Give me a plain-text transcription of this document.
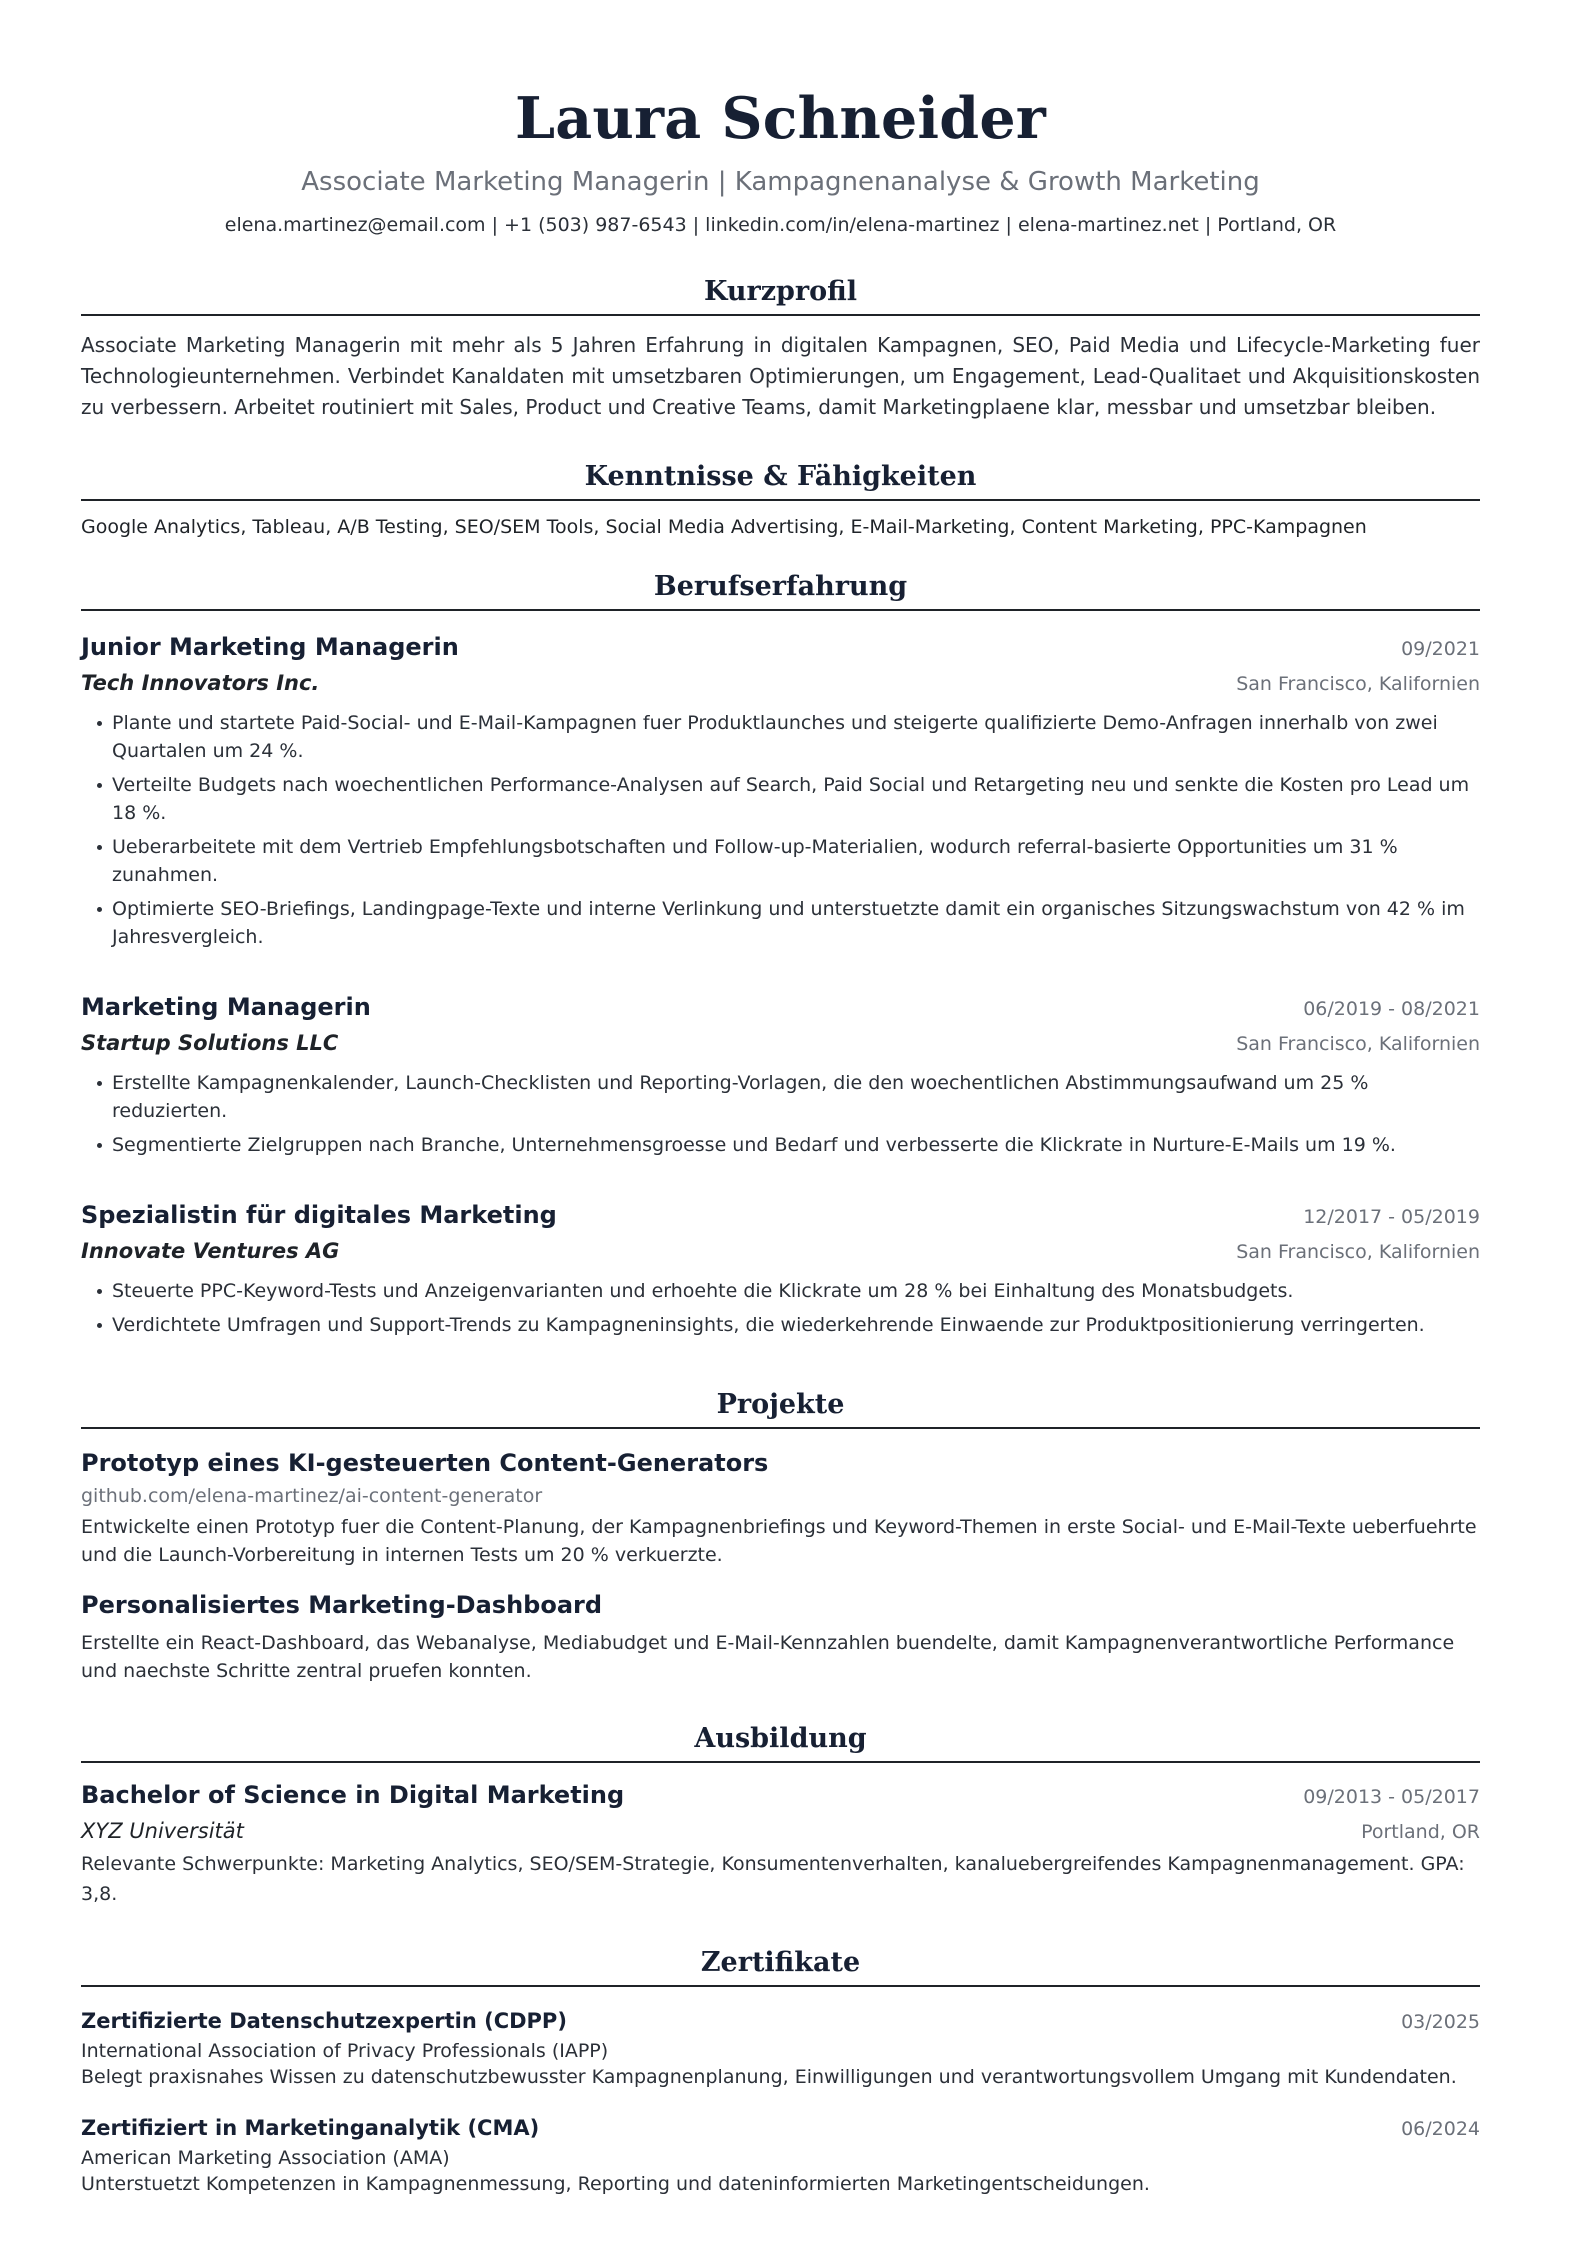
Laura Schneider
Associate Marketing Managerin | Kampagnenanalyse & Growth Marketing
elena.martinez@email.com | +1 (503) 987-6543 | linkedin.com/in/elena-martinez | elena-martinez.net | Portland, OR
Kurzprofil
Associate Marketing Managerin mit mehr als 5 Jahren Erfahrung in digitalen Kampagnen, SEO, Paid Media und Lifecycle-Marketing fuer Technologieunternehmen. Verbindet Kanaldaten mit umsetzbaren Optimierungen, um Engagement, Lead-Qualitaet und Akquisitionskosten zu verbessern. Arbeitet routiniert mit Sales, Product und Creative Teams, damit Marketingplaene klar, messbar und umsetzbar bleiben.
Kenntnisse & Fähigkeiten
Google Analytics, Tableau, A/B Testing, SEO/SEM Tools, Social Media Advertising, E-Mail-Marketing, Content Marketing, PPC-Kampagnen
Berufserfahrung
Junior Marketing Managerin	09/2021
Tech Innovators Inc.	San Francisco, Kalifornien
Plante und startete Paid-Social- und E-Mail-Kampagnen fuer Produktlaunches und steigerte qualifizierte Demo-Anfragen innerhalb von zwei Quartalen um 24 %.
Verteilte Budgets nach woechentlichen Performance-Analysen auf Search, Paid Social und Retargeting neu und senkte die Kosten pro Lead um 18 %.
Ueberarbeitete mit dem Vertrieb Empfehlungsbotschaften und Follow-up-Materialien, wodurch referral-basierte Opportunities um 31 % zunahmen.
Optimierte SEO-Briefings, Landingpage-Texte und interne Verlinkung und unterstuetzte damit ein organisches Sitzungswachstum von 42 % im Jahresvergleich.
Marketing Managerin	06/2019 - 08/2021
Startup Solutions LLC	San Francisco, Kalifornien
Erstellte Kampagnenkalender, Launch-Checklisten und Reporting-Vorlagen, die den woechentlichen Abstimmungsaufwand um 25 % reduzierten.
Segmentierte Zielgruppen nach Branche, Unternehmensgroesse und Bedarf und verbesserte die Klickrate in Nurture-E-Mails um 19 %.
Spezialistin für digitales Marketing	12/2017 - 05/2019
Innovate Ventures AG	San Francisco, Kalifornien
Steuerte PPC-Keyword-Tests und Anzeigenvarianten und erhoehte die Klickrate um 28 % bei Einhaltung des Monatsbudgets.
Verdichtete Umfragen und Support-Trends zu Kampagneninsights, die wiederkehrende Einwaende zur Produktpositionierung verringerten.
Projekte
Prototyp eines KI-gesteuerten Content-Generators
github.com/elena-martinez/ai-content-generator
Entwickelte einen Prototyp fuer die Content-Planung, der Kampagnenbriefings und Keyword-Themen in erste Social- und E-Mail-Texte ueberfuehrte und die Launch-Vorbereitung in internen Tests um 20 % verkuerzte.
Personalisiertes Marketing-Dashboard
Erstellte ein React-Dashboard, das Webanalyse, Mediabudget und E-Mail-Kennzahlen buendelte, damit Kampagnenverantwortliche Performance und naechste Schritte zentral pruefen konnten.
Ausbildung
Bachelor of Science in Digital Marketing	09/2013 - 05/2017
XYZ Universität	Portland, OR
Relevante Schwerpunkte: Marketing Analytics, SEO/SEM-Strategie, Konsumentenverhalten, kanaluebergreifendes Kampagnenmanagement. GPA: 3,8.
Zertifikate
Zertifizierte Datenschutzexpertin (CDPP)	03/2025
International Association of Privacy Professionals (IAPP)
Belegt praxisnahes Wissen zu datenschutzbewusster Kampagnenplanung, Einwilligungen und verantwortungsvollem Umgang mit Kundendaten.
Zertifiziert in Marketinganalytik (CMA)	06/2024
American Marketing Association (AMA)
Unterstuetzt Kompetenzen in Kampagnenmessung, Reporting und dateninformierten Marketingentscheidungen.
